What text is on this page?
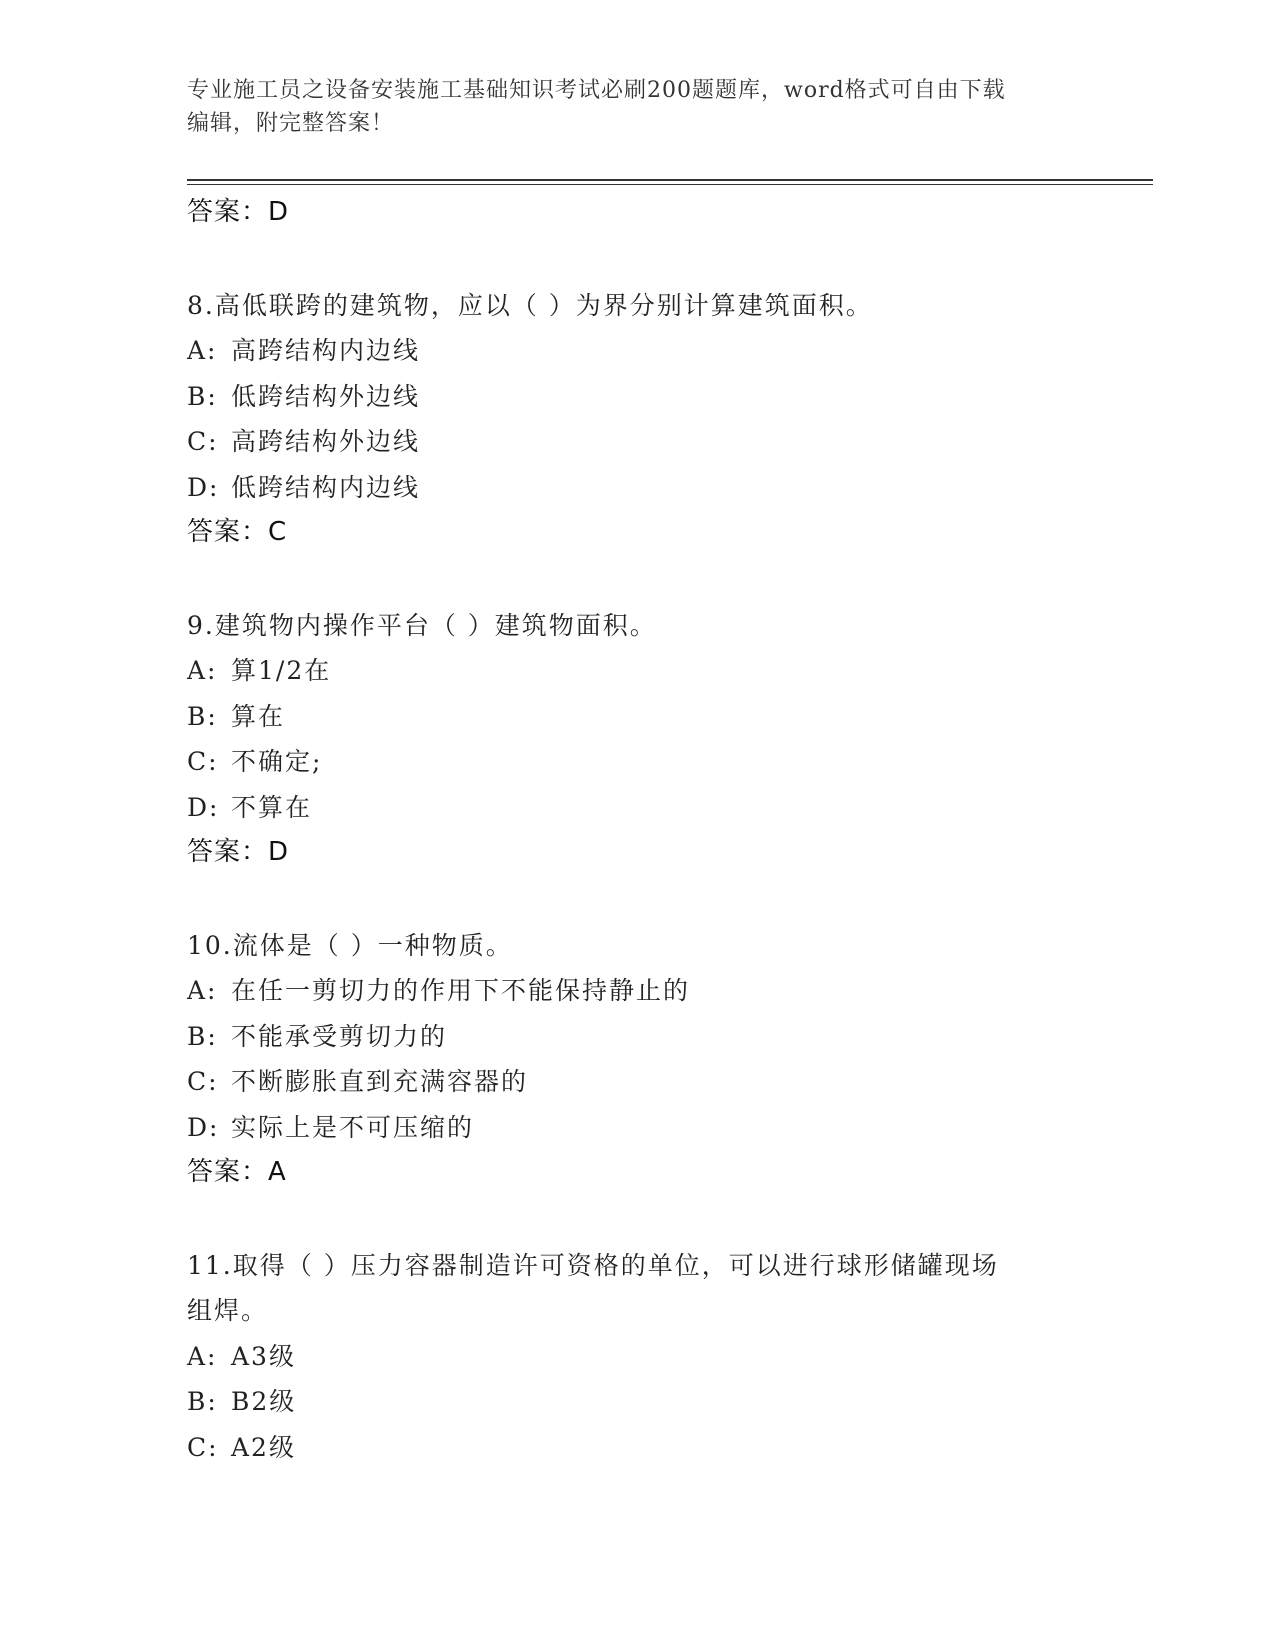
专业施工员之设备安装施工基础知识考试必刷200题题库，word格式可自由下载
编辑，附完整答案！
答案：D
8.高低联跨的建筑物，应以（ ）为界分别计算建筑面积。
A: 高跨结构内边线
B: 低跨结构外边线
C: 高跨结构外边线
D: 低跨结构内边线
答案：C
9.建筑物内操作平台（ ）建筑物面积。
A: 算1/2在
B: 算在
C: 不确定;
D: 不算在
答案：D
10.流体是（ ）一种物质。
A: 在任一剪切力的作用下不能保持静止的
B: 不能承受剪切力的
C: 不断膨胀直到充满容器的
D: 实际上是不可压缩的
答案：A
11.取得（ ）压力容器制造许可资格的单位，可以进行球形储罐现场
组焊。
A: A3级
B: B2级
C: A2级
